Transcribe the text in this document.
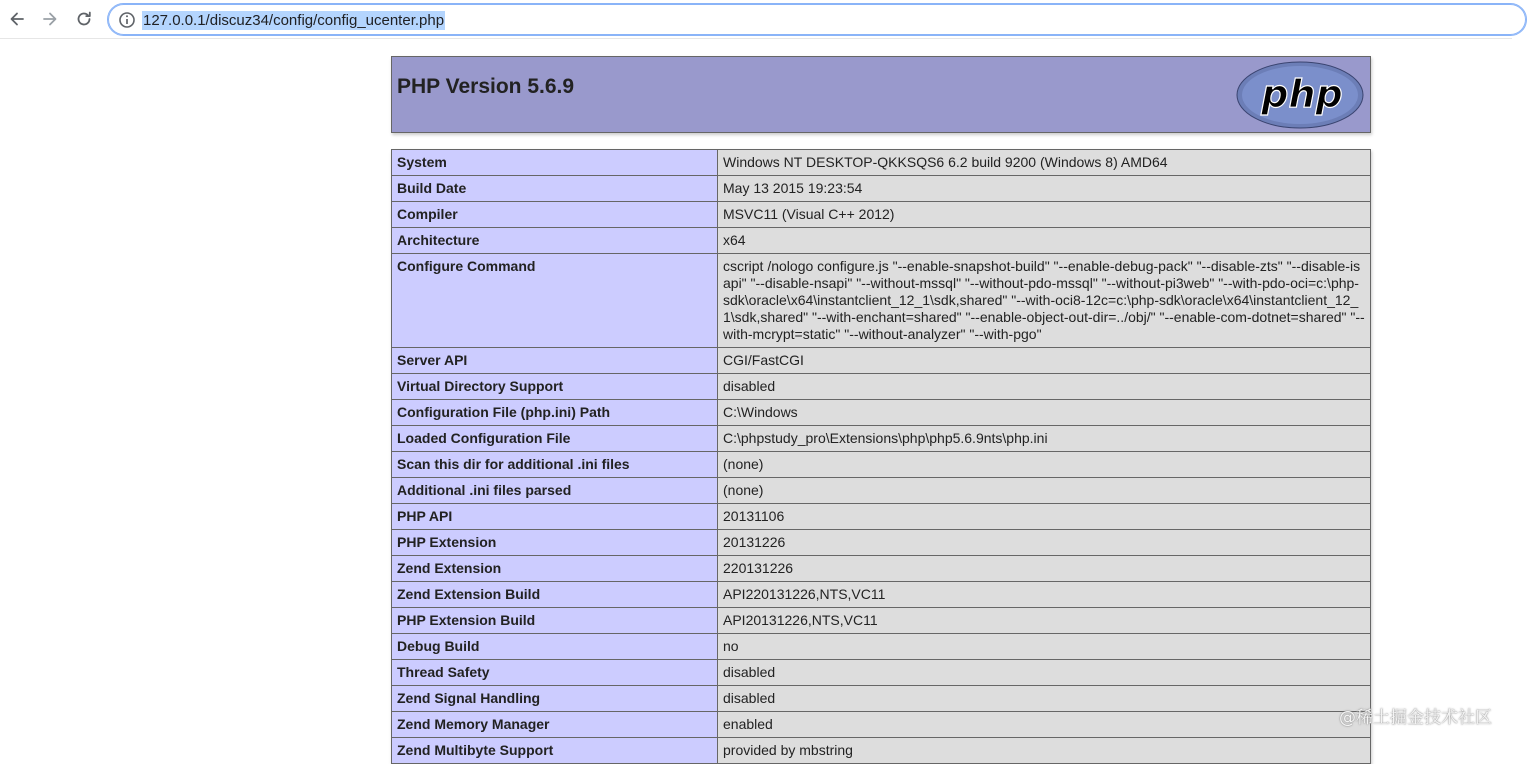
127.0.0.1/discuz34/config/config_ucenter.php
PHP Version 5.6.9	php
System	Windows NT DESKTOP-QKKSQS6 6.2 build 9200 (Windows 8) AMD64
Build Date	May 13 2015 19:23:54
Compiler	MSVC11 (Visual C++ 2012)
Architecture	x64
Configure Command	cscript /nologo configure.js "--enable-snapshot-build" "--enable-debug-pack" "--disable-zts" "--disable-isapi" "--disable-nsapi" "--without-mssql" "--without-pdo-mssql" "--without-pi3web" "--with-pdo-oci=c:\php-sdk\oracle\x64\instantclient_12_1\sdk,shared" "--with-oci8-12c=c:\php-sdk\oracle\x64\instantclient_12_1\sdk,shared" "--with-enchant=shared" "--enable-object-out-dir=../obj/" "--enable-com-dotnet=shared" "--with-mcrypt=static" "--without-analyzer" "--with-pgo"
Server API	CGI/FastCGI
Virtual Directory Support	disabled
Configuration File (php.ini) Path	C:\Windows
Loaded Configuration File	C:\phpstudy_pro\Extensions\php\php5.6.9nts\php.ini
Scan this dir for additional .ini files	(none)
Additional .ini files parsed	(none)
PHP API	20131106
PHP Extension	20131226
Zend Extension	220131226
Zend Extension Build	API220131226,NTS,VC11
PHP Extension Build	API20131226,NTS,VC11
Debug Build	no
Thread Safety	disabled
Zend Signal Handling	disabled
Zend Memory Manager	enabled
Zend Multibyte Support	provided by mbstring
@稀土掘金技术社区
